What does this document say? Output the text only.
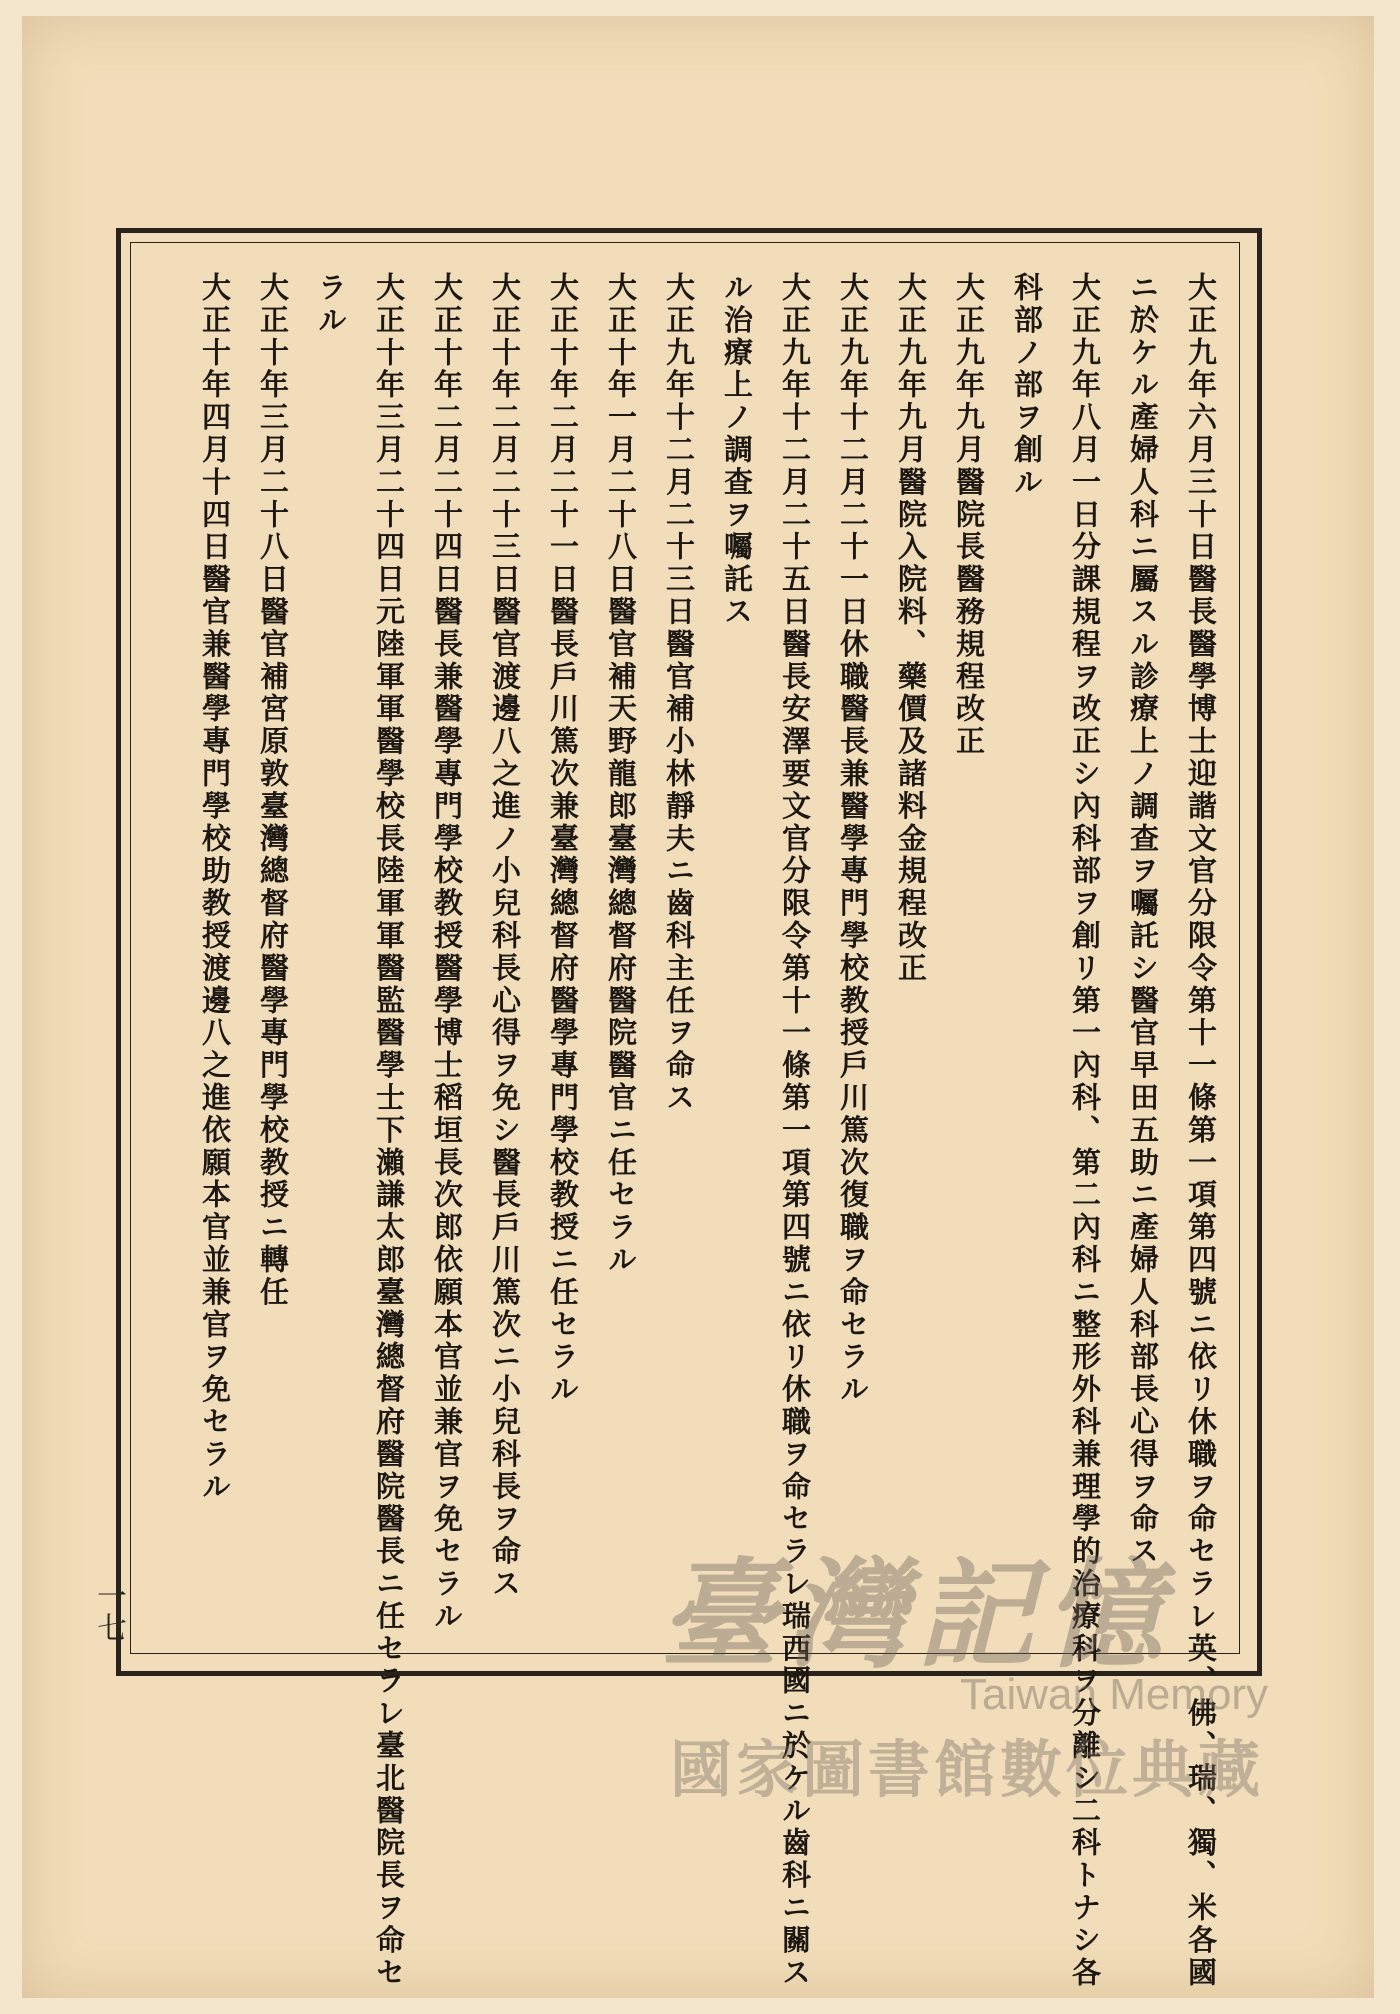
大正九年六月三十日醫長醫學博士迎諧文官分限令第十一條第一項第四號ニ依リ休職ヲ命セラレ英、佛、瑞、獨、米各國

ニ於ケル產婦人科ニ屬スル診療上ノ調查ヲ囑託シ醫官早田五助ニ產婦人科部長心得ヲ命ス

大正九年八月一日分課規程ヲ改正シ內科部ヲ創リ第一內科、第二內科ニ整形外科兼理學的治療科ヲ分離シ二科トナシ各

科部ノ部ヲ創ル

大正九年九月醫院長醫務規程改正

大正九年九月醫院入院料、藥價及諸料金規程改正

大正九年十二月二十一日休職醫長兼醫學專門學校教授戶川篤次復職ヲ命セラル

大正九年十二月二十五日醫長安澤要文官分限令第十一條第一項第四號ニ依リ休職ヲ命セラレ瑞西國ニ於ケル齒科ニ關ス

ル治療上ノ調查ヲ囑託ス

大正九年十二月二十三日醫官補小林靜夫ニ齒科主任ヲ命ス

大正十年一月二十八日醫官補天野龍郎臺灣總督府醫院醫官ニ任セラル

大正十年二月二十一日醫長戶川篤次兼臺灣總督府醫學專門學校教授ニ任セラル

大正十年二月二十三日醫官渡邊八之進ノ小兒科長心得ヲ免シ醫長戶川篤次ニ小兒科長ヲ命ス

大正十年二月二十四日醫長兼醫學專門學校教授醫學博士稻垣長次郎依願本官並兼官ヲ免セラル

大正十年三月二十四日元陸軍軍醫學校長陸軍軍醫監醫學士下瀨謙太郎臺灣總督府醫院醫長ニ任セラレ臺北醫院長ヲ命セ

ラル

大正十年三月二十八日醫官補宮原敦臺灣總督府醫學專門學校教授ニ轉任

大正十年四月十四日醫官兼醫學專門學校助教授渡邊八之進依願本官並兼官ヲ免セラル

一七	臺灣記憶
Taiwan Memory
國家圖書館數位典藏
